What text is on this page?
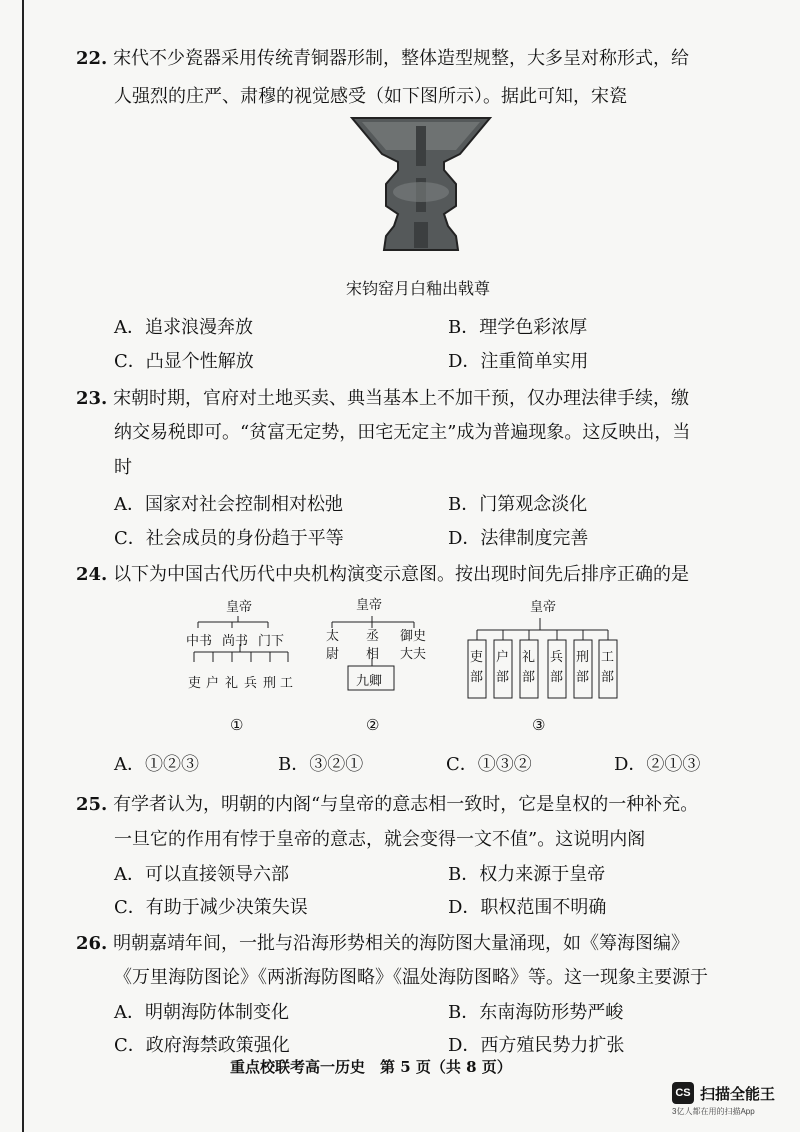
22. 宋代不少瓷器采用传统青铜器形制，整体造型规整，大多呈对称形式，给
人强烈的庄严、肃穆的视觉感受（如下图所示）。据此可知，宋瓷
宋钧窑月白釉出戟尊
A．追求浪漫奔放	B．理学色彩浓厚
C．凸显个性解放	D．注重简单实用
23. 宋朝时期，官府对土地买卖、典当基本上不加干预，仅办理法律手续，缴
纳交易税即可。“贫富无定势，田宅无定主”成为普遍现象。这反映出，当
时
A．国家对社会控制相对松弛	B．门第观念淡化
C．社会成员的身份趋于平等	D．法律制度完善
24. 以下为中国古代历代中央机构演变示意图。按出现时间先后排序正确的是
皇帝
中书 尚书 门下
吏 户 礼 兵 刑 工
①
皇帝
太
尉
丞
相
御史
大夫
九卿
②
皇帝
吏
部
户
部
礼
部
兵
部
刑
部
工
部
③
A．①②③	B．③②①	C．①③②	D．②①③
25. 有学者认为，明朝的内阁“与皇帝的意志相一致时，它是皇权的一种补充。
一旦它的作用有悖于皇帝的意志，就会变得一文不值”。这说明内阁
A．可以直接领导六部	B．权力来源于皇帝
C．有助于减少决策失误	D．职权范围不明确
26. 明朝嘉靖年间，一批与沿海形势相关的海防图大量涌现，如《筹海图编》
《万里海防图论》《两浙海防图略》《温处海防图略》等。这一现象主要源于
A．明朝海防体制变化	B．东南海防形势严峻
C．政府海禁政策强化	D．西方殖民势力扩张
重点校联考高一历史　第 5 页（共 8 页）
CS 扫描全能王
3亿人都在用的扫描App
